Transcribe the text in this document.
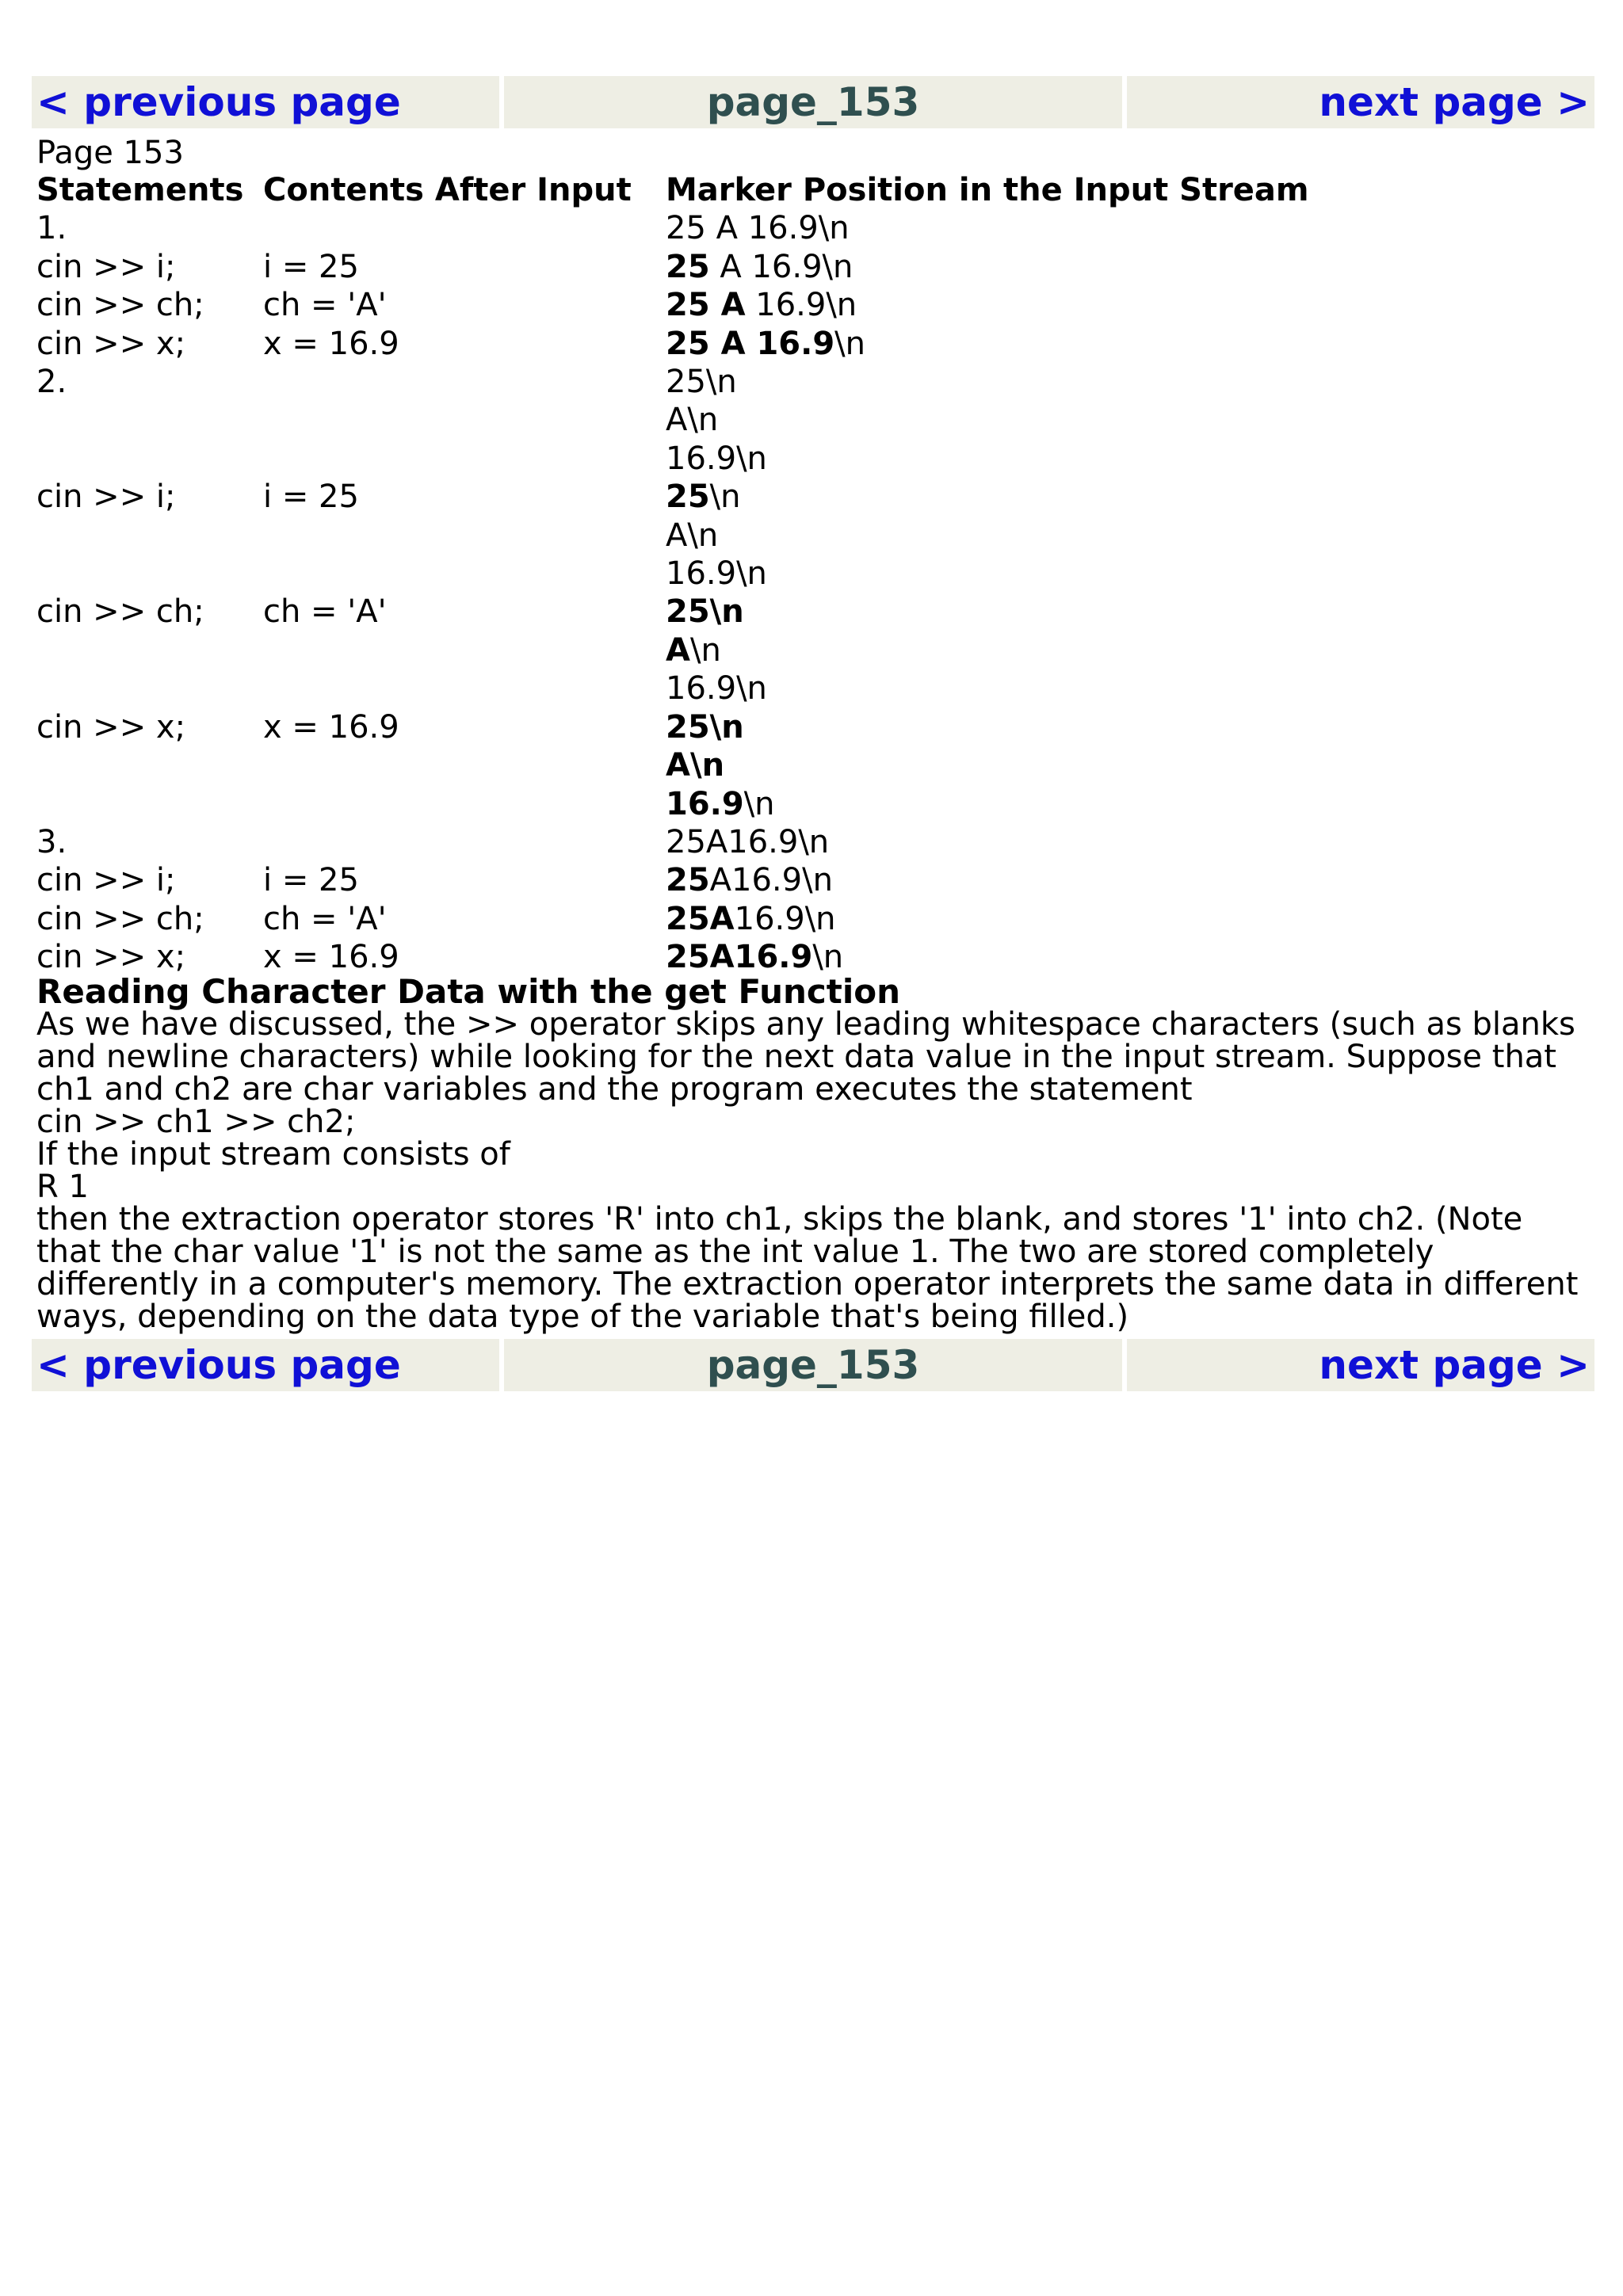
< previous page	page_153	next page >
Page 153
Statements	Contents After Input	Marker Position in the Input Stream
1.		25 A 16.9\n
cin >> i;	i = 25	25 A 16.9\n
cin >> ch;	ch = 'A'	25 A 16.9\n
cin >> x;	x = 16.9	25 A 16.9\n
2.		25\n
		A\n
		16.9\n
cin >> i;	i = 25	25\n
		A\n
		16.9\n
cin >> ch;	ch = 'A'	25\n
		A\n
		16.9\n
cin >> x;	x = 16.9	25\n
		A\n
		16.9\n
3.		25A16.9\n
cin >> i;	i = 25	25A16.9\n
cin >> ch;	ch = 'A'	25A16.9\n
cin >> x;	x = 16.9	25A16.9\n
Reading Character Data with the get Function
As we have discussed, the >> operator skips any leading whitespace characters (such as blanks and newline characters) while looking for the next data value in the input stream. Suppose that ch1 and ch2 are char variables and the program executes the statement
cin >> ch1 >> ch2;
If the input stream consists of
R 1
then the extraction operator stores 'R' into ch1, skips the blank, and stores '1' into ch2. (Note that the char value '1' is not the same as the int value 1. The two are stored completely differently in a computer's memory. The extraction operator interprets the same data in different ways, depending on the data type of the variable that's being filled.)
< previous page	page_153	next page >
